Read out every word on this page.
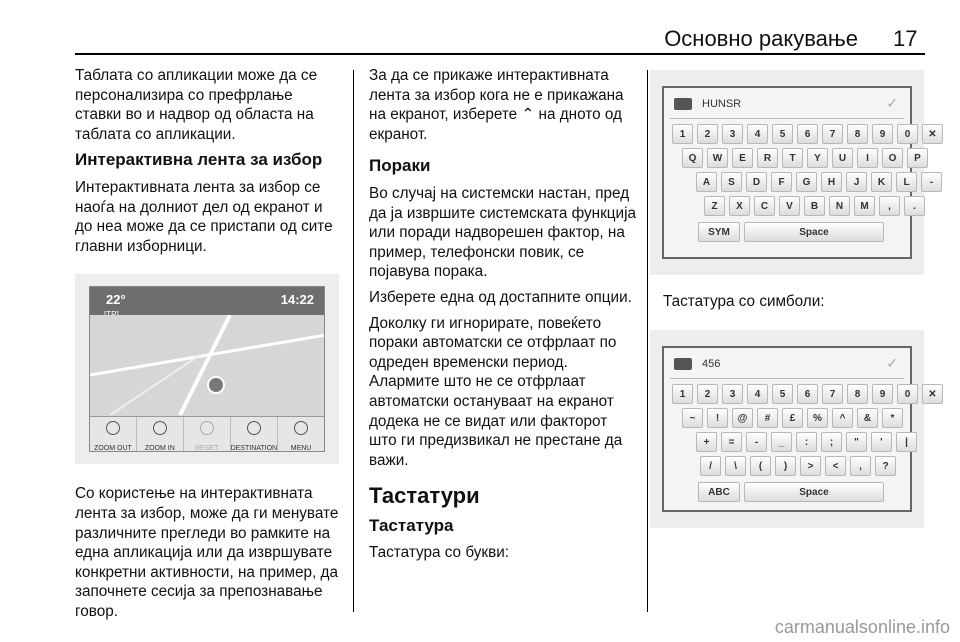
Основно ракување 17

Таблата со апликации може да се персонализира со префрлање ставки во и надвор од областа на таблата со апликации.

Интерактивна лента за избор

Интерактивната лента за избор се наоѓа на долниот дел од екранот и до неа може да се пристапи од сите главни изборници.

22°	14:22
ZOOM OUT	ZOOM IN	RESET	DESTINATION	MENU

Со користење на интерактивната лента за избор, може да ги менувате различните прегледи во рамките на една апликација или да извршувате конкретни активности, на пример, да започнете сесија за препознавање говор.

За да се прикаже интерактивната лента за избор кога не е прикажана на екранот, изберете ⌃ на дното од екранот.

Пораки

Во случај на системски настан, пред да ја извршите системската функција или поради надворешен фактор, на пример, телефонски повик, се појавува порака.

Изберете една од достапните опции.

Доколку ги игнорирате, повеќето пораки автоматски се отфрлаат по одреден временски период. Алармите што не се отфрлаат автоматски остануваат на екранот додека не се видат или факторот што ги предизвикал не престане да важи.

Тастатури
Тастатура

Тастатура со букви:

HUNSR	✓
1	2	3	4	5	6	7	8	9	0	✕
Q	W	E	R	T	Y	U	I	O	P
A	S	D	F	G	H	J	K	L	-
Z	X	C	V	B	N	M	,	.
SYM	Space
Тастатура со симболи:
456	✓
1	2	3	4	5	6	7	8	9	0	✕
~	!	@	#	£	%	^	&	*
+	=	-	_	:	;	"	'	|
/	\	(	)	>	<	,	?
ABC	Space
carmanualsonline.info
